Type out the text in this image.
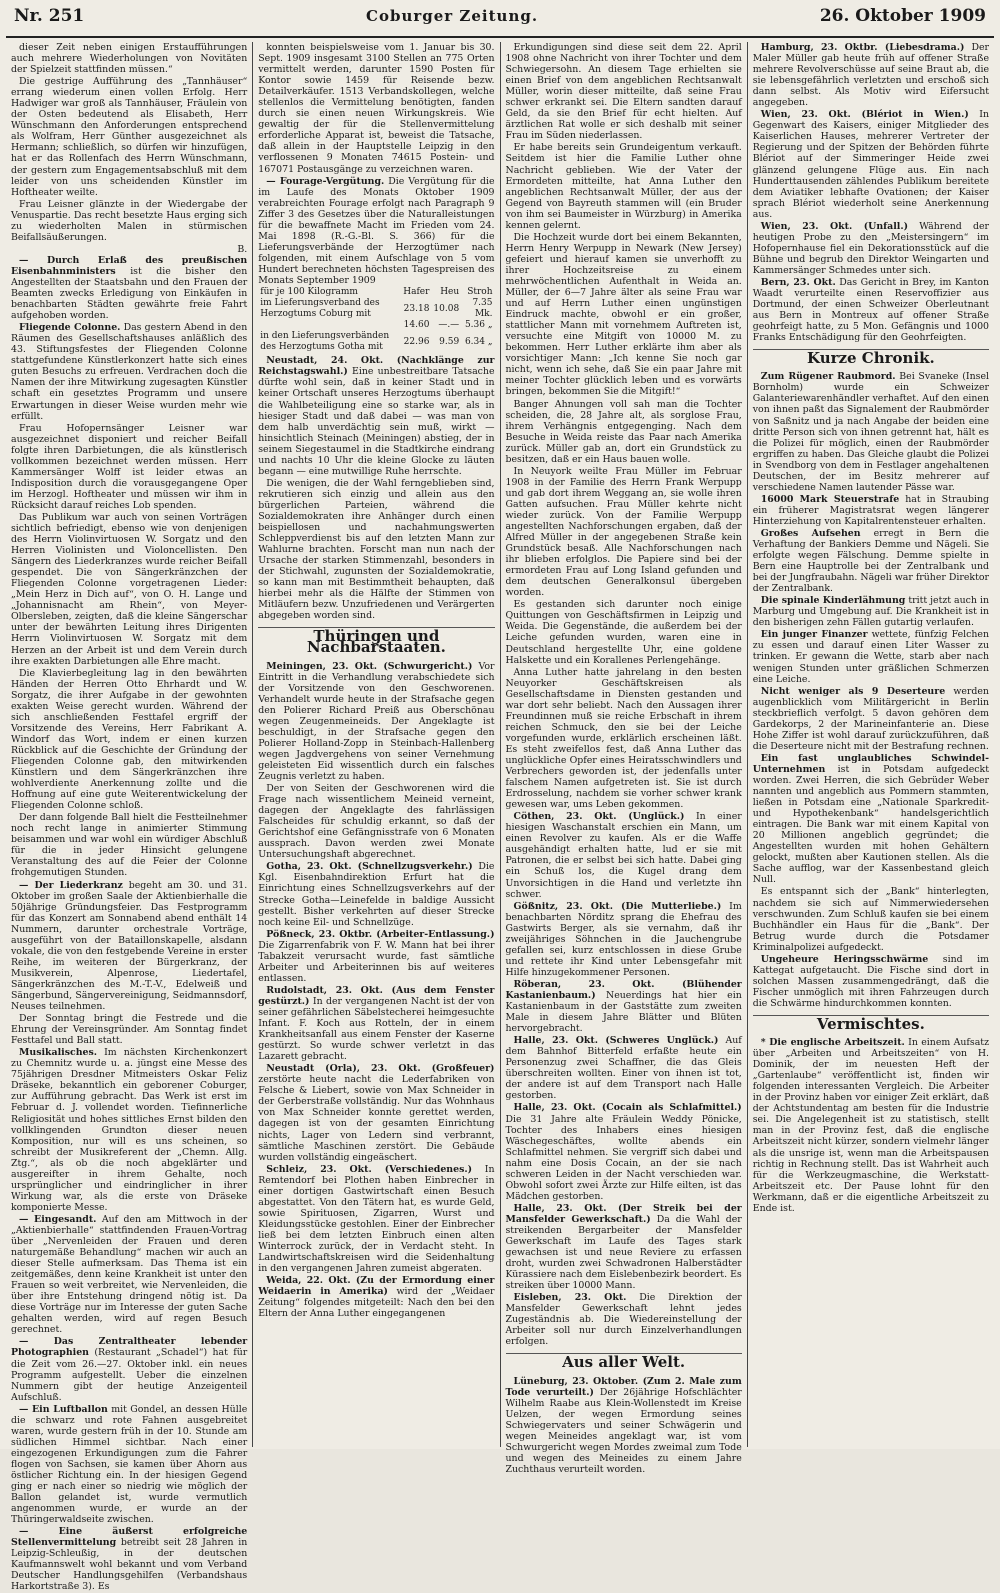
Nr. 251	Coburger Zeitung.	26. Oktober 1909

dieser Zeit neben einigen Erstaufführungen auch mehrere Wiederholungen von Novitäten der Spielzeit stattfinden müssen.“

Die gestrige Aufführung des „Tannhäuser“ errang wiederum einen vollen Erfolg. Herr Hadwiger war groß als Tannhäuser, Fräulein von der Osten bedeutend als Elisabeth, Herr Wünschmann den Anforderungen entsprechend als Wolfram, Herr Günther ausgezeichnet als Hermann; schließlich, so dürfen wir hinzufügen, hat er das Rollenfach des Herrn Wünschmann, der gestern zum Engagementsabschluß mit dem leider von uns scheidenden Künstler im Hoftheater weilte.

Frau Leisner glänzte in der Wiedergabe der Venuspartie. Das recht besetzte Haus erging sich zu wiederholten Malen in stürmischen Beifallsäußerungen.

B.

— Durch Erlaß des preußischen Eisenbahnministers ist die bisher den Angestellten der Staatsbahn und den Frauen der Beamten zwecks Erledigung von Einkäufen in benachbarten Städten gewährte freie Fahrt aufgehoben worden.

Fliegende Colonne. Das gestern Abend in den Räumen des Gesellschaftshauses anläßlich des 43. Stiftungsfestes der Fliegenden Colonne stattgefundene Künstlerkonzert hatte sich eines guten Besuchs zu erfreuen. Verdrachen doch die Namen der ihre Mitwirkung zugesagten Künstler schaft ein gesetztes Programm und unsere Erwartungen in dieser Weise wurden mehr wie erfüllt.

Frau Hofopernsänger Leisner war ausgezeichnet disponiert und reicher Beifall folgte ihren Darbietungen, die als künstlerisch vollkommen bezeichnet werden müssen. Herr Kammersänger Wolff ist leider etwas an Indisposition durch die vorausgegangene Oper im Herzogl. Hoftheater und müssen wir ihm in Rücksicht darauf reiches Lob spenden.

Das Publikum war auch von seinen Vorträgen sichtlich befriedigt, ebenso wie von denjenigen des Herrn Violinvirtuosen W. Sorgatz und den Herren Violinisten und Violoncellisten. Den Sängern des Liederkranzes wurde reicher Beifall gespendet. Die von Sängerkränzchen der Fliegenden Colonne vorgetragenen Lieder: „Mein Herz in Dich auf“, von O. H. Lange und „Johannisnacht am Rhein“, von Meyer-Olbersleben, zeigten, daß die kleine Sängerschar unter der bewährten Leitung ihres Dirigenten Herrn Violinvirtuosen W. Sorgatz mit dem Herzen an der Arbeit ist und dem Verein durch ihre exakten Darbietungen alle Ehre macht.

Die Klavierbegleitung lag in den bewährten Händen der Herren Otto Ehrhardt und W. Sorgatz, die ihrer Aufgabe in der gewohnten exakten Weise gerecht wurden. Während der sich anschließenden Festtafel ergriff der Vorsitzende des Vereins, Herr Fabrikant A. Windorf das Wort, indem er einen kurzen Rückblick auf die Geschichte der Gründung der Fliegenden Colonne gab, den mitwirkenden Künstlern und dem Sängerkränzchen ihre wohlverdiente Anerkennung zollte und die Hoffnung auf eine gute Weiterentwickelung der Fliegenden Colonne schloß.

Der dann folgende Ball hielt die Festteilnehmer noch recht lange in animierter Stimmung beisammen und war wohl ein würdiger Abschluß für die in jeder Hinsicht gelungene Veranstaltung des auf die Feier der Colonne frohgemutigen Stunden.

— Der Liederkranz begeht am 30. und 31. Oktober im großen Saale der Aktienbierhalle die 50jährige Gründungsfeier. Das Festprogramm für das Konzert am Sonnabend abend enthält 14 Nummern, darunter orchestrale Vorträge, ausgeführt von der Bataillonskapelle, alsdann vokale, die von den festgebende Vereine in erster Reihe, im weiteren der Bürgerkranz, der Musikverein, Alpenrose, Liedertafel, Sängerkränzchen des M.-T.-V., Edelweiß und Sängerbund, Sängervereinigung, Seidmannsdorf, Neuses teilnehmen.

Der Sonntag bringt die Festrede und die Ehrung der Vereinsgründer. Am Sonntag findet Festtafel und Ball statt.

Musikalisches. Im nächsten Kirchenkonzert zu Chemnitz wurde u. a. jüngst eine Messe des 75jährigen Dresdner Mitmeisters Oskar Feliz Dräseke, bekanntlich ein geborener Coburger, zur Aufführung gebracht. Das Werk ist erst im Februar d. J. vollendet worden. Tiefinnerliche Religiosität und hohes sittliches Ernst bilden den vollklingenden Grundton dieser neuen Komposition, nur will es uns scheinen, so schreibt der Musikreferent der „Chemn. Allg. Ztg.“, als ob die noch abgeklärter und ausgereifter in ihrem Gehalte, noch ursprünglicher und eindringlicher in ihrer Wirkung war, als die erste von Dräseke komponierte Messe.

— Eingesandt. Auf den am Mittwoch in der „Aktienbierhalle“ stattfindenden Frauen-Vortrag über „Nervenleiden der Frauen und deren naturgemäße Behandlung“ machen wir auch an dieser Stelle aufmerksam. Das Thema ist ein zeitgemäßes, denn keine Krankheit ist unter den Frauen so weit verbreitet, wie Nervenleiden, die über ihre Entstehung dringend nötig ist. Da diese Vorträge nur im Interesse der guten Sache gehalten werden, wird auf regen Besuch gerechnet.

— Das Zentraltheater lebender Photographien (Restaurant „Schadel“) hat für die Zeit vom 26.—27. Oktober inkl. ein neues Programm aufgestellt. Ueber die einzelnen Nummern gibt der heutige Anzeigenteil Aufschluß.

— Ein Luftballon mit Gondel, an dessen Hülle die schwarz und rote Fahnen ausgebreitet waren, wurde gestern früh in der 10. Stunde am südlichen Himmel sichtbar. Nach einer eingezogenen Erkundigungen zum die Fahrer flogen von Sachsen, sie kamen über Ahorn aus östlicher Richtung ein. In der hiesigen Gegend ging er nach einer so niedrig wie möglich der Ballon gelandet ist, wurde vermutlich angenommen wurde, er wurde an der Thüringerwaldseite zwischen.

— Eine äußerst erfolgreiche Stellenvermittelung betreibt seit 28 Jahren in Leipzig-Schleußig, in der deutschen Kaufmannswelt wohl bekannt und vom Verband Deutscher Handlungsgehilfen (Verbandshaus Harkortstraße 3). Es

konnten beispielsweise vom 1. Januar bis 30. Sept. 1909 insgesamt 3100 Stellen an 775 Orten vermittelt werden, darunter 1590 Posten für Kontor sowie 1459 für Reisende bezw. Detailverkäufer. 1513 Verbandskollegen, welche stellenlos die Vermittelung benötigten, fanden durch sie einen neuen Wirkungskreis. Wie gewaltig der für die Stellenvermittelung erforderliche Apparat ist, beweist die Tatsache, daß allein in der Hauptstelle Leipzig in den verflossenen 9 Monaten 74615 Postein- und 167071 Postausgänge zu verzeichnen waren.

— Fourage-Vergütung. Die Vergütung für die im Laufe des Monats Oktober 1909 verabreichten Fourage erfolgt nach Paragraph 9 Ziffer 3 des Gesetzes über die Naturalleistungen für die bewaffnete Macht im Frieden vom 24. Mai 1898 (R.-G.-Bl. S. 366) für die Lieferungsverbände der Herzogtümer nach folgenden, mit einem Aufschlage von 5 vom Hundert berechneten höchsten Tagespreisen des Monats September 1909

für je 100 Kilogramm	Hafer	Heu	Stroh
im Lieferungsverband des Herzogtums Coburg mit	23.18	10.08	7.35 Mk.
	14.60	—.—	5.36 „
in den Lieferungsverbänden des Herzogtums Gotha mit	22.96	9.59	6.34 „

Neustadt, 24. Okt. (Nachklänge zur Reichstagswahl.) Eine unbestreitbare Tatsache dürfte wohl sein, daß in keiner Stadt und in keiner Ortschaft unseres Herzogtums überhaupt die Wahlbeteiligung eine so starke war, als in hiesiger Stadt und daß dabei — was man von dem halb unverdächtig sein muß, wirkt — hinsichtlich Steinach (Meiningen) abstieg, der in seinem Siegestaumel in die Stadtkirche eindrang und nachts 10 Uhr die kleine Glocke zu läuten begann — eine mutwillige Ruhe herrschte.

Die wenigen, die der Wahl ferngeblieben sind, rekrutieren sich einzig und allein aus den bürgerlichen Parteien, während die Sozialdemokraten ihre Anhänger durch einen beispiellosen und nachahmungswerten Schleppverdienst bis auf den letzten Mann zur Wahlurne brachten. Forscht man nun nach der Ursache der starken Stimmenzahl, besonders in der Stichwahl, zugunsten der Sozialdemokratie, so kann man mit Bestimmtheit behaupten, daß hierbei mehr als die Hälfte der Stimmen von Mitläufern bezw. Unzufriedenen und Verärgerten abgegeben worden sind.

Thüringen und Nachbarstaaten.

Meiningen, 23. Okt. (Schwurgericht.) Vor Eintritt in die Verhandlung verabschiedete sich der Vorsitzende von den Geschworenen. Verhandelt wurde heute in der Strafsache gegen den Polierer Richard Preiß aus Oberschönau wegen Zeugenmeineids. Der Angeklagte ist beschuldigt, in der Strafsache gegen den Polierer Holland-Zopp in Steinbach-Hallenberg wegen Jagdvergehens von seiner Vernehmung geleisteten Eid wissentlich durch ein falsches Zeugnis verletzt zu haben.

Der von Seiten der Geschworenen wird die Frage nach wissentlichem Meineid verneint, dagegen der Angeklagte des fahrlässigen Falscheides für schuldig erkannt, so daß der Gerichtshof eine Gefängnisstrafe von 6 Monaten aussprach. Davon werden zwei Monate Untersuchungshaft abgerechnet.

Gotha, 23. Okt. (Schnellzugsverkehr.) Die Kgl. Eisenbahndirektion Erfurt hat die Einrichtung eines Schnellzugsverkehrs auf der Strecke Gotha—Leinefelde in baldige Aussicht gestellt. Bisher verkehrten auf dieser Strecke noch keine Eil- und Schnellzüge.

Pößneck, 23. Oktbr. (Arbeiter-Entlassung.) Die Zigarrenfabrik von F. W. Mann hat bei ihrer Tabakzeit verursacht wurde, fast sämtliche Arbeiter und Arbeiterinnen bis auf weiteres entlassen.

Rudolstadt, 23. Okt. (Aus dem Fenster gestürzt.) In der vergangenen Nacht ist der von seiner gefährlichen Säbelstecherei heimgesuchte Infant. F. Koch aus Rotteln, der in einem Krankheitsanfall aus einem Fenster der Kaserne gestürzt. So wurde schwer verletzt in das Lazarett gebracht.

Neustadt (Orla), 23. Okt. (Großfeuer) zerstörte heute nacht die Lederfabriken von Felsche & Liebert, sowie von Max Schneider in der Gerberstraße vollständig. Nur das Wohnhaus von Max Schneider konnte gerettet werden, dagegen ist von der gesamten Einrichtung nichts, Lager von Ledern sind verbrannt, sämtliche Maschinen zerstört. Die Gebäude wurden vollständig eingeäschert.

Schleiz, 23. Okt. (Verschiedenes.) In Remtendorf bei Plothen haben Einbrecher in einer dortigen Gastwirtschaft einen Besuch abgestattet. Von den Tätern hat, es wurde Geld, sowie Spirituosen, Zigarren, Wurst und Kleidungsstücke gestohlen. Einer der Einbrecher ließ bei dem letzten Einbruch einen alten Winterrock zurück, der in Verdacht steht. In Landwirtschaftskreisen wird die Seidenhaltung in den vergangenen Jahren zumeist abgeraten.

Weida, 22. Okt. (Zu der Ermordung einer Weidaerin in Amerika) wird der „Weidaer Zeitung“ folgendes mitgeteilt: Nach den bei den Eltern der Anna Luther eingegangenen

Erkundigungen sind diese seit dem 22. April 1908 ohne Nachricht von ihrer Tochter und dem Schwiegersohn. An diesem Tage erhielten sie einen Brief von dem angeblichen Rechtsanwalt Müller, worin dieser mitteilte, daß seine Frau schwer erkrankt sei. Die Eltern sandten darauf Geld, da sie den Brief für echt hielten. Auf ärztlichen Rat wolle er sich deshalb mit seiner Frau im Süden niederlassen.

Er habe bereits sein Grundeigentum verkauft. Seitdem ist hier die Familie Luther ohne Nachricht geblieben. Wie der Vater der Ermordeten mitteilte, hat Anna Luther den angeblichen Rechtsanwalt Müller, der aus der Gegend von Bayreuth stammen will (ein Bruder von ihm sei Baumeister in Würzburg) in Amerika kennen gelernt.

Die Hochzeit wurde dort bei einem Bekannten, Herrn Henry Werpupp in Newark (New Jersey) gefeiert und hierauf kamen sie unverhofft zu ihrer Hochzeitsreise zu einem mehrwöchentlichen Aufenthalt in Weida an. Müller, der 6—7 Jahre älter als seine Frau war und auf Herrn Luther einen ungünstigen Eindruck machte, obwohl er ein großer, stattlicher Mann mit vornehmem Auftreten ist, versuchte eine Mitgift von 10000 M. zu bekommen. Herr Luther erklärte ihm aber als vorsichtiger Mann: „Ich kenne Sie noch gar nicht, wenn ich sehe, daß Sie ein paar Jahre mit meiner Tochter glücklich leben und es vorwärts bringen, bekommen Sie die Mitgift!“

Banger Ahnungen voll sah man die Tochter scheiden, die, 28 Jahre alt, als sorglose Frau, ihrem Verhängnis entgegenging. Nach dem Besuche in Weida reiste das Paar nach Amerika zurück. Müller gab an, dort ein Grundstück zu besitzen, daß er ein Haus bauen wolle.

In Neuyork weilte Frau Müller im Februar 1908 in der Familie des Herrn Frank Werpupp und gab dort ihrem Weggang an, sie wolle ihren Gatten aufsuchen. Frau Müller kehrte nicht wieder zurück. Von der Familie Werpupp angestellten Nachforschungen ergaben, daß der Alfred Müller in der angegebenen Straße kein Grundstück besaß. Alle Nachforschungen nach ihr blieben erfolglos. Die Papiere sind bei der ermordeten Frau auf Long Island gefunden und dem deutschen Generalkonsul übergeben worden.

Es gestanden sich darunter noch einige Quittungen von Geschäftsfirmen in Leipzig und Weida. Die Gegenstände, die außerdem bei der Leiche gefunden wurden, waren eine in Deutschland hergestellte Uhr, eine goldene Halskette und ein Korallenes Perlengehänge.

Anna Luther hatte jahrelang in den besten Neuyorker Geschäftskreisen als Gesellschaftsdame in Diensten gestanden und war dort sehr beliebt. Nach den Aussagen ihrer Freundinnen muß sie reiche Erbschaft in ihrem reichen Schmuck, den sie bei der Leiche vorgefunden wurde, erklärlich erscheinen läßt. Es steht zweifellos fest, daß Anna Luther das unglückliche Opfer eines Heiratsschwindlers und Verbrechers geworden ist, der jedenfalls unter falschem Namen aufgetreten ist. Sie ist durch Erdrosselung, nachdem sie vorher schwer krank gewesen war, ums Leben gekommen.

Cöthen, 23. Okt. (Unglück.) In einer hiesigen Waschanstalt erschien ein Mann, um einen Revolver zu kaufen. Als er die Waffe ausgehändigt erhalten hatte, lud er sie mit Patronen, die er selbst bei sich hatte. Dabei ging ein Schuß los, die Kugel drang dem Unvorsichtigen in die Hand und verletzte ihn schwer.

Gößnitz, 23. Okt. (Die Mutterliebe.) Im benachbarten Nörditz sprang die Ehefrau des Gastwirts Berger, als sie vernahm, daß ihr zweijähriges Söhnchen in die Jauchengrube gefallen sei, kurz entschlossen in diese Grube und rettete ihr Kind unter Lebensgefahr mit Hilfe hinzugekommener Personen.

Röberan, 23. Okt. (Blühender Kastanienbaum.) Neuerdings hat hier ein Kastanienbaum in der Gaststätte zum zweiten Male in diesem Jahre Blätter und Blüten hervorgebracht.

Halle, 23. Okt. (Schweres Unglück.) Auf dem Bahnhof Bitterfeld erfaßte heute ein Personenzug zwei Schaffner, die das Gleis überschreiten wollten. Einer von ihnen ist tot, der andere ist auf dem Transport nach Halle gestorben.

Halle, 23. Okt. (Cocain als Schlafmittel.) Die 31 Jahre alte Fräulein Weddy Pönicke, Tochter des Inhabers eines hiesigen Wäschegeschäftes, wollte abends ein Schlafmittel nehmen. Sie vergriff sich dabei und nahm eine Dosis Cocain, an der sie nach schweren Leiden in der Nacht verschieden war. Obwohl sofort zwei Ärzte zur Hilfe eilten, ist das Mädchen gestorben.

Halle, 23. Okt. (Der Streik bei der Mansfelder Gewerkschaft.) Da die Wahl der streikenden Bergarbeiter der Mansfelder Gewerkschaft im Laufe des Tages stark gewachsen ist und neue Reviere zu erfassen droht, wurden zwei Schwadronen Halberstädter Kürassiere nach dem Eislebenbezirk beordert. Es streiken über 10000 Mann.

Eisleben, 23. Okt. Die Direktion der Mansfelder Gewerkschaft lehnt jedes Zugeständnis ab. Die Wiedereinstellung der Arbeiter soll nur durch Einzelverhandlungen erfolgen.

Aus aller Welt.

Lüneburg, 23. Oktober. (Zum 2. Male zum Tode verurteilt.) Der 26jährige Hofschlächter Wilhelm Raabe aus Klein-Wollenstedt im Kreise Uelzen, der wegen Ermordung seines Schwiegervaters und seiner Schwägerin und wegen Meineides angeklagt war, ist vom Schwurgericht wegen Mordes zweimal zum Tode und wegen des Meineides zu einem Jahre Zuchthaus verurteilt worden.

Hamburg, 23. Oktbr. (Liebesdrama.) Der Maler Müller gab heute früh auf offener Straße mehrere Revolverschüsse auf seine Braut ab, die sie lebensgefährlich verletzten und erschoß sich dann selbst. Als Motiv wird Eifersucht angegeben.

Wien, 23. Okt. (Blériot in Wien.) In Gegenwart des Kaisers, einiger Mitglieder des Kaiserlichen Hauses, mehrerer Vertreter der Regierung und der Spitzen der Behörden führte Blériot auf der Simmeringer Heide zwei glänzend gelungene Flüge aus. Ein nach Hunderttausenden zählendes Publikum bereitete dem Aviatiker lebhafte Ovationen; der Kaiser sprach Blériot wiederholt seine Anerkennung aus.

Wien, 23. Okt. (Unfall.) Während der heutigen Probe zu den „Meistersingern“ im Hofopernhause fiel ein Dekorationsstück auf die Bühne und begrub den Direktor Weingarten und Kammersänger Schmedes unter sich.

Bern, 23. Okt. Das Gericht in Brey, im Kanton Waadt verurteilte einen Reservoffizier aus Dortmund, der einen Schweizer Oberleutnant aus Bern in Montreux auf offener Straße geohrfeigt hatte, zu 5 Mon. Gefängnis und 1000 Franks Entschädigung für den Geohrfeigten.

Kurze Chronik.

Zum Rügener Raubmord. Bei Svaneke (Insel Bornholm) wurde ein Schweizer Galanteriewarenhändler verhaftet. Auf den einen von ihnen paßt das Signalement der Raubmörder von Saßnitz und ja nach Angabe der beiden eine dritte Person sich von ihnen getrennt hat, hält es die Polizei für möglich, einen der Raubmörder ergriffen zu haben. Das Gleiche glaubt die Polizei in Svendborg von dem in Festlager angehaltenen Deutschen, der im Besitz mehrerer auf verschiedene Namen lautender Pässe war.

16000 Mark Steuerstrafe hat in Straubing ein früherer Magistratsrat wegen längerer Hinterziehung von Kapitalrentensteuer erhalten.

Großes Aufsehen erregt in Bern die Verhaftung der Bankiers Demme und Nägeli. Sie erfolgte wegen Fälschung. Demme spielte in Bern eine Hauptrolle bei der Zentralbank und bei der Jungfraubahn. Nägeli war früher Direktor der Zentralbank.

Die spinale Kinderlähmung tritt jetzt auch in Marburg und Umgebung auf. Die Krankheit ist in den bisherigen zehn Fällen gutartig verlaufen.

Ein junger Finanzer wettete, fünfzig Felchen zu essen und darauf einen Liter Wasser zu trinken. Er gewann die Wette, starb aber nach wenigen Stunden unter gräßlichen Schmerzen eine Leiche.

Nicht weniger als 9 Deserteure werden augenblicklich vom Militärgericht in Berlin steckbrieflich verfolgt. 5 davon gehören dem Gardekorps, 2 der Marineinfanterie an. Diese Hohe Ziffer ist wohl darauf zurückzuführen, daß die Deserteure nicht mit der Bestrafung rechnen.

Ein fast unglaubliches Schwindel-Unternehmen ist in Potsdam aufgedeckt worden. Zwei Herren, die sich Gebrüder Weber nannten und angeblich aus Pommern stammten, ließen in Potsdam eine „Nationale Sparkredit- und Hypothekenbank“ handelsgerichtlich eintragen. Die Bank war mit einem Kapital von 20 Millionen angeblich gegründet; die Angestellten wurden mit hohen Gehältern gelockt, mußten aber Kautionen stellen. Als die Sache aufflog, war der Kassenbestand gleich Null.

Es entspannt sich der „Bank“ hinterlegten, nachdem sie sich auf Nimmerwiedersehen verschwunden. Zum Schluß kaufen sie bei einem Buchhändler ein Haus für die „Bank“. Der Betrug wurde durch die Potsdamer Kriminalpolizei aufgedeckt.

Ungeheure Heringsschwärme sind im Kattegat aufgetaucht. Die Fische sind dort in solchen Massen zusammengedrängt, daß die Fischer unmöglich mit ihren Fahrzeugen durch die Schwärme hindurchkommen konnten.

Vermischtes.

* Die englische Arbeitszeit. In einem Aufsatz über „Arbeiten und Arbeitszeiten“ von H. Dominik, der im neuesten Heft der „Gartenlaube“ veröffentlicht ist, finden wir folgenden interessanten Vergleich. Die Arbeiter in der Provinz haben vor einiger Zeit erklärt, daß der Achtstundentag am besten für die Industrie sei. Die Angelegenheit ist zu statistisch, stellt man in der Provinz fest, daß die englische Arbeitszeit nicht kürzer, sondern vielmehr länger als die unsrige ist, wenn man die Arbeitspausen richtig in Rechnung stellt. Das ist Wahrheit auch für die Werkzeugmaschine, die Werkstatt-Arbeitszeit etc. Der Pause lohnt für den Werkmann, daß er die eigentliche Arbeitszeit zu Ende ist.
